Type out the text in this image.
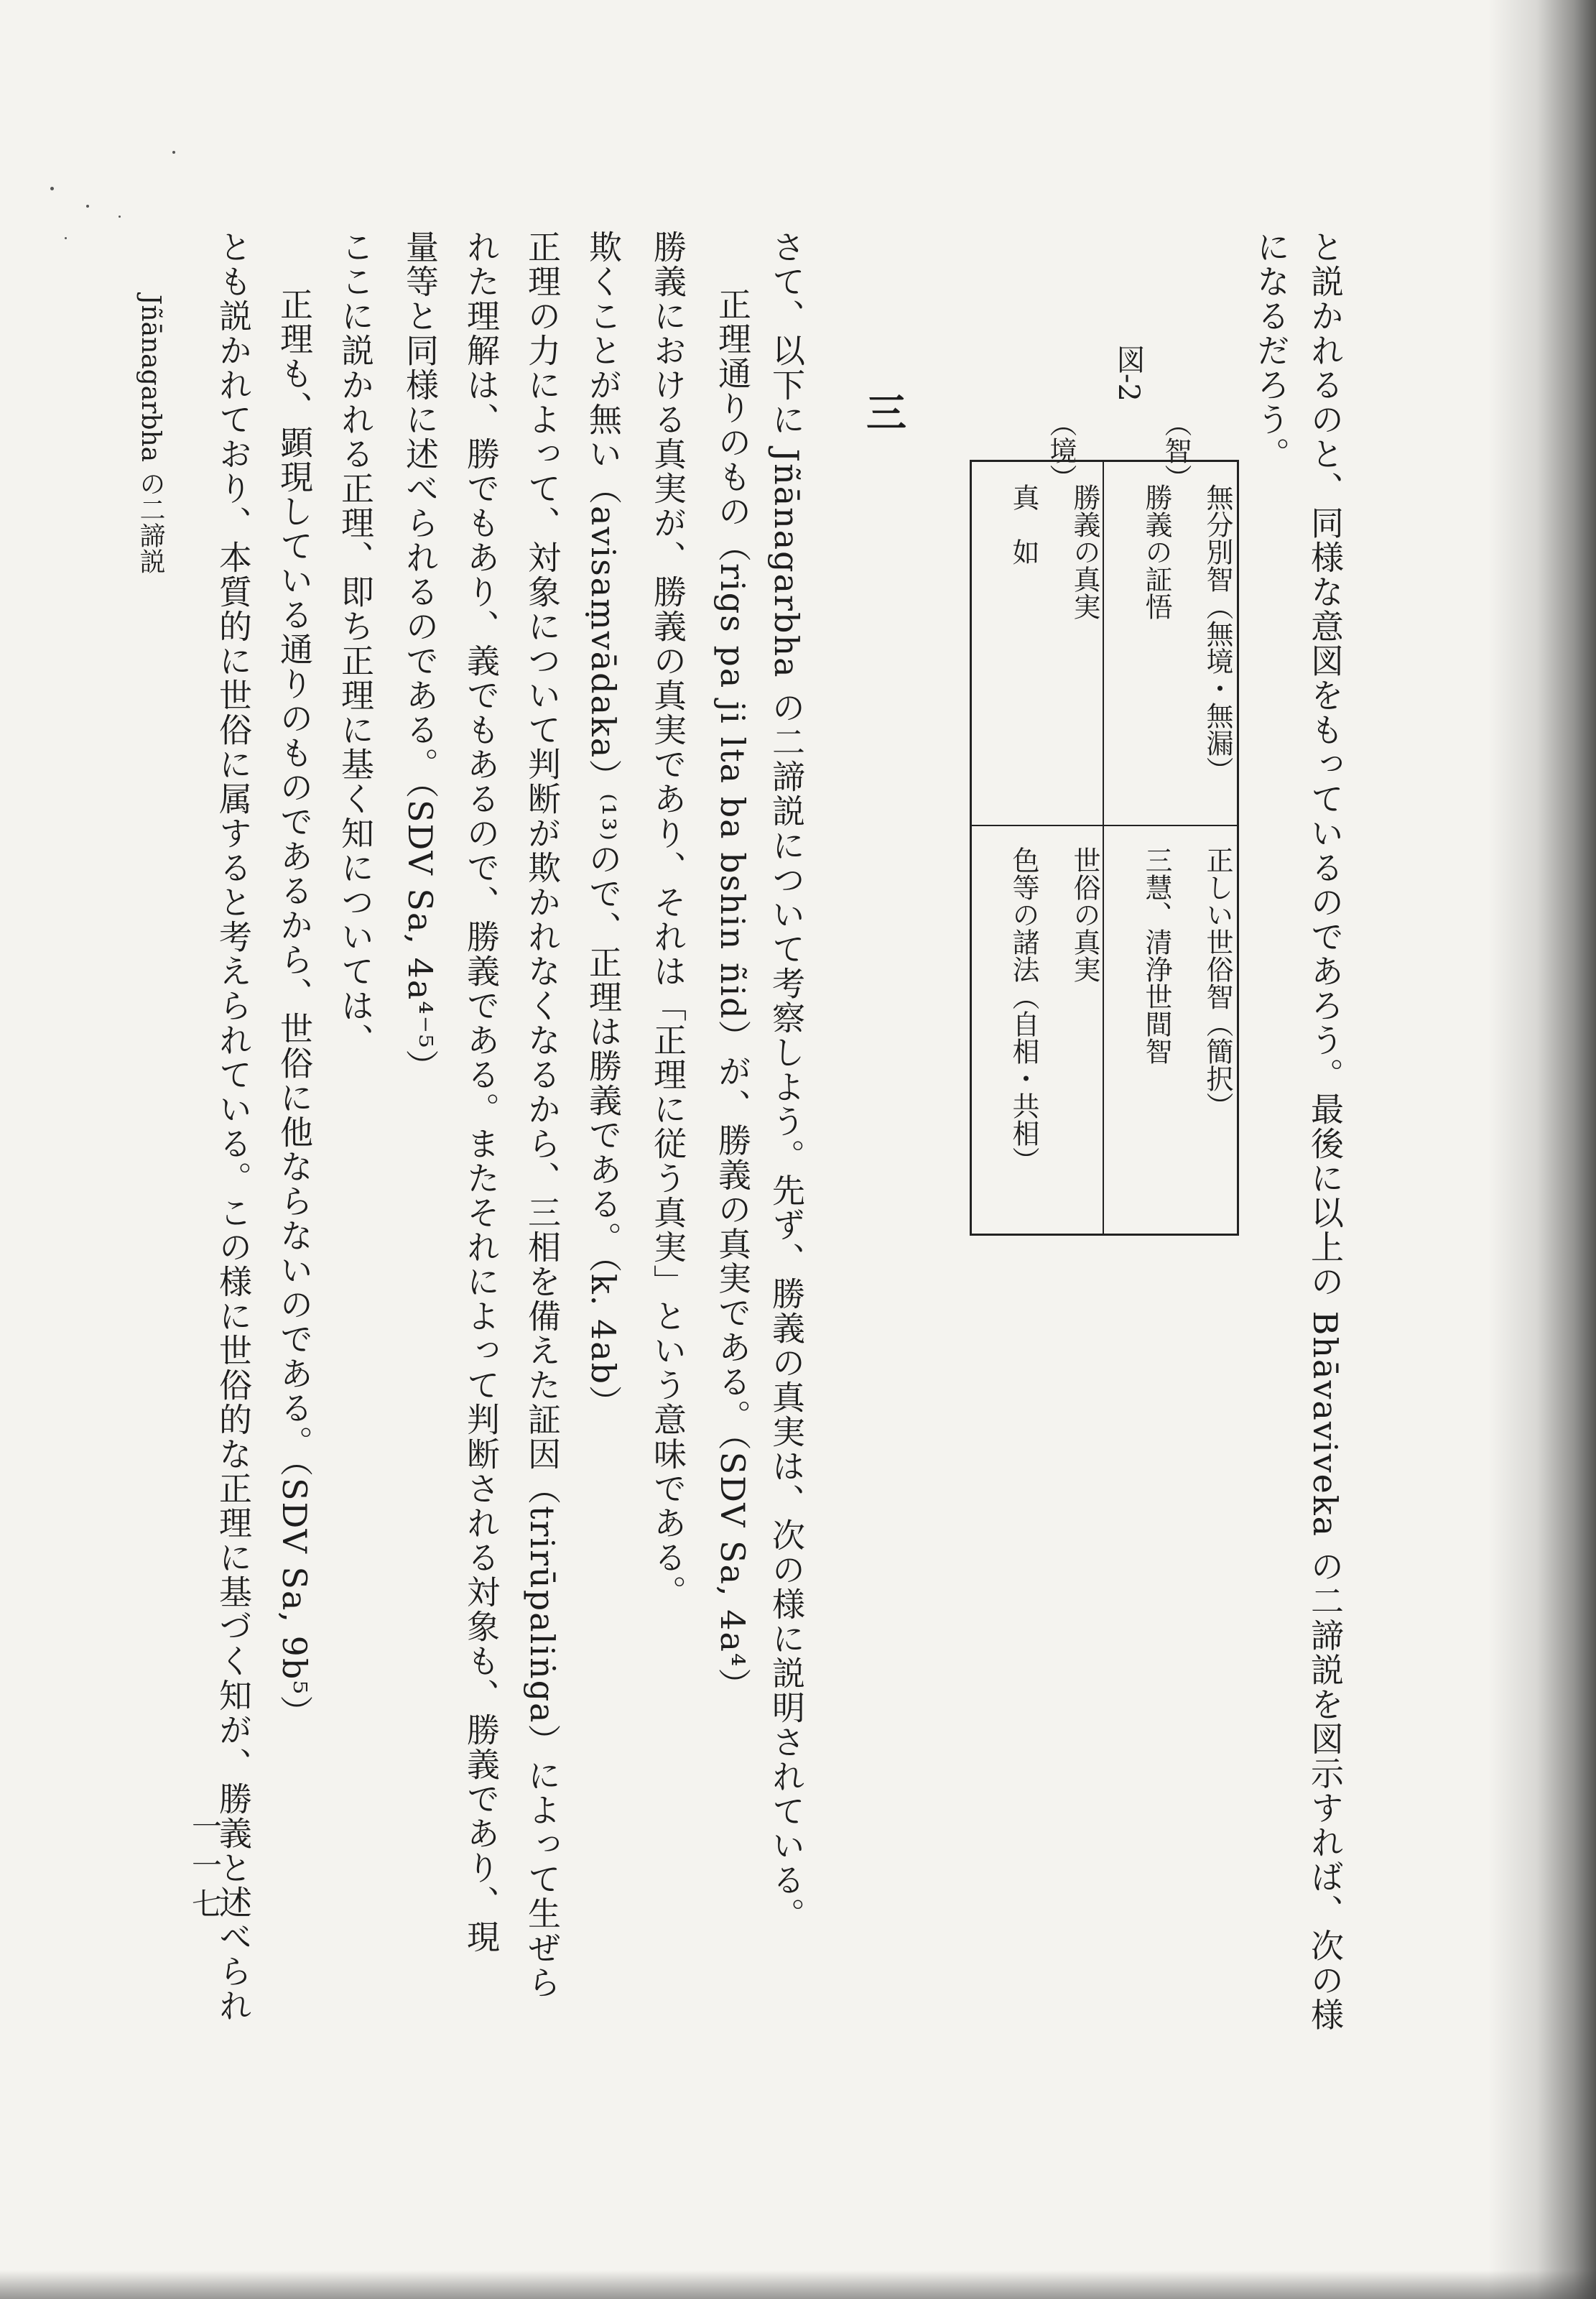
と説かれるのと、同様な意図をもっているのであろう。最後に以上の Bhāvaviveka の二諦説を図示すれば、次の様
になるだろう。
図-2
（智）
（境）
無分別智（無境・無漏）
勝義の証悟
勝義の真実
真　如
正しい世俗智（簡択）
三慧、清浄世間智
世俗の真実
色等の諸法（自相・共相）
三
さて、以下に Jñānagarbha の二諦説について考察しよう。先ず、勝義の真実は、次の様に説明されている。
正理通りのもの（rigs pa ji lta ba bshin ñid）が、勝義の真実である。（SDV Sa, 4a⁴）
勝義における真実が、勝義の真実であり、それは「正理に従う真実」という意味である。
欺くことが無い（avisaṃvādaka）⁽¹³⁾ので、正理は勝義である。（k. 4ab）
正理の力によって、対象について判断が欺かれなくなるから、三相を備えた証因（trirūpaliṅga）によって生ぜら
れた理解は、勝でもあり、義でもあるので、勝義である。またそれによって判断される対象も、勝義であり、現
量等と同様に述べられるのである。（SDV Sa, 4a⁴⁻⁵）
ここに説かれる正理、即ち正理に基く知については、
正理も、顕現している通りのものであるから、世俗に他ならないのである。（SDV Sa, 9b⁵）
とも説かれており、本質的に世俗に属すると考えられている。この様に世俗的な正理に基づく知が、勝義と述べられ
Jñānagarbha の二諦説
一一七
